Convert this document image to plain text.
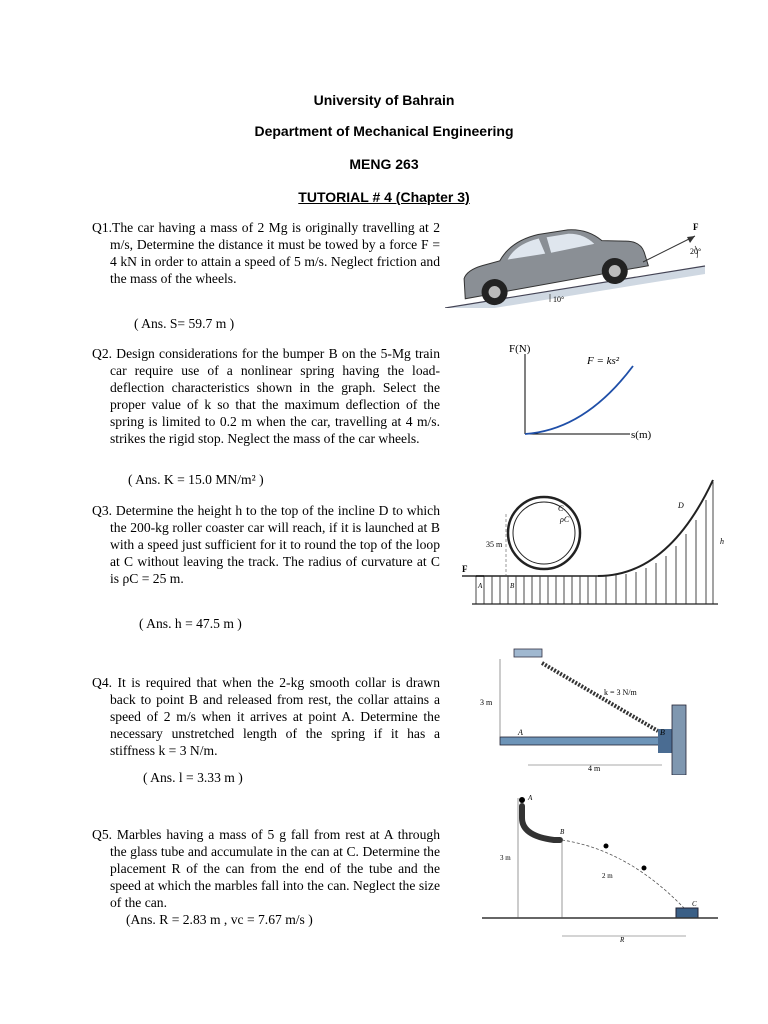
University of Bahrain
Department of Mechanical Engineering
MENG 263
TUTORIAL # 4 (Chapter 3)
Q1.The car having a mass of 2 Mg is originally travelling at 2 m/s, Determine the distance it must be towed by a force F = 4 kN in order to attain a speed of 5 m/s. Neglect friction and the mass of the wheels.
( Ans. S= 59.7 m )
F
20°
10°
Q2. Design considerations for the bumper B on the 5-Mg train car require use of a nonlinear spring having the load-deflection characteristics shown in the graph. Select the proper value of k so that the maximum deflection of the spring is limited to 0.2 m when the car, travelling at 4 m/s. strikes the rigid stop. Neglect the mass of the car wheels.
( Ans. K = 15.0 MN/m² )
F(N)
s(m)
F = ks²
Q3. Determine the height h to the top of the incline D to which the 200-kg roller coaster car will reach, if it is launched at B with a speed just sufficient for it to round the top of the loop at C without leaving the track. The radius of curvature at C is ρC = 25 m.
( Ans. h = 47.5 m )
35 m
ρC
C	D
h
F
A	B
Q4. It is required that when the 2-kg smooth collar is drawn back to point B and released from rest, the collar attains a speed of 2 m/s when it arrives at point A. Determine the necessary unstretched length of the spring if it has a stiffness k = 3 N/m.
( Ans. l = 3.33 m )
3 m
4 m
k = 3 N/m
A	B
Q5. Marbles having a mass of 5 g fall from rest at A through the glass tube and accumulate in the can at C. Determine the placement R of the can from the end of the tube and the speed at which the marbles fall into the can. Neglect the size of the can.
(Ans. R = 2.83 m , vc = 7.67 m/s )
A
B
C
3 m
2 m
R
